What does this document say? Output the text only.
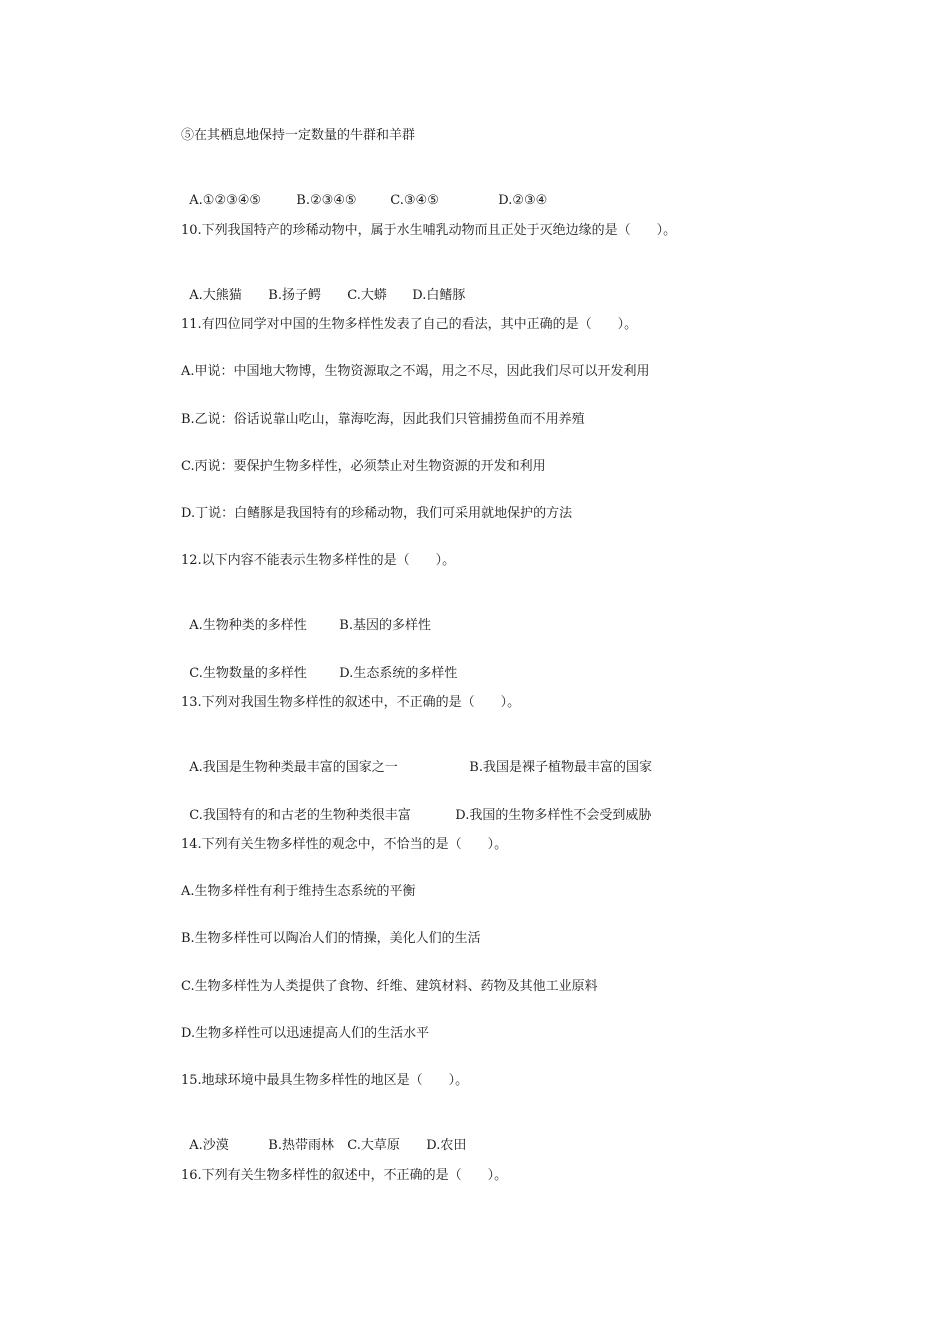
⑤在其栖息地保持一定数量的牛群和羊群

A.①②③④⑤	B.②③④⑤	C.③④⑤	D.②③④

10.下列我国特产的珍稀动物中，属于水生哺乳动物而且正处于灭绝边缘的是（　　）。

A.大熊猫 B.扬子鳄 C.大蟒 D.白鳍豚

11.有四位同学对中国的生物多样性发表了自己的看法，其中正确的是（　　）。
A.甲说：中国地大物博，生物资源取之不竭，用之不尽，因此我们尽可以开发利用
B.乙说：俗话说靠山吃山，靠海吃海，因此我们只管捕捞鱼而不用养殖
C.丙说：要保护生物多样性，必须禁止对生物资源的开发和利用
D.丁说：白鳍豚是我国特有的珍稀动物，我们可采用就地保护的方法
12.以下内容不能表示生物多样性的是（　　）。

A.生物种类的多样性 B.基因的多样性

C.生物数量的多样性 D.生态系统的多样性

13.下列对我国生物多样性的叙述中，不正确的是（　　）。

A.我国是生物种类最丰富的国家之一	B.我国是裸子植物最丰富的国家

C.我国特有的和古老的生物种类很丰富	D.我国的生物多样性不会受到威胁

14.下列有关生物多样性的观念中，不恰当的是（　　）。
A.生物多样性有利于维持生态系统的平衡
B.生物多样性可以陶冶人们的情操，美化人们的生活
C.生物多样性为人类提供了食物、纤维、建筑材料、药物及其他工业原料
D.生物多样性可以迅速提高人们的生活水平
15.地球环境中最具生物多样性的地区是（　　）。

A.沙漠	B.热带雨林 C.大草原 D.农田

16.下列有关生物多样性的叙述中，不正确的是（　　）。
